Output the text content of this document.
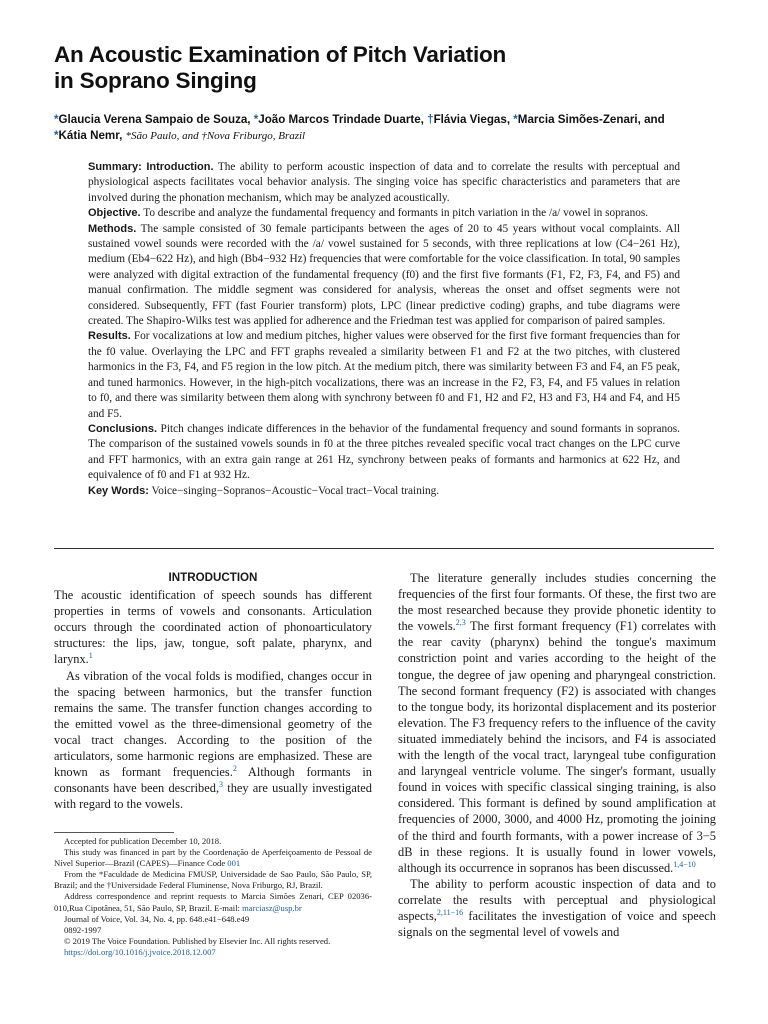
An Acoustic Examination of Pitch Variation
in Soprano Singing
*Glaucia Verena Sampaio de Souza, *João Marcos Trindade Duarte, †Flávia Viegas, *Marcia Simões-Zenari, and
*Kátia Nemr, *São Paulo, and †Nova Friburgo, Brazil

Summary: Introduction. The ability to perform acoustic inspection of data and to correlate the results with perceptual and physiological aspects facilitates vocal behavior analysis. The singing voice has specific characteristics and parameters that are involved during the phonation mechanism, which may be analyzed acoustically.

Objective. To describe and analyze the fundamental frequency and formants in pitch variation in the /a/ vowel in sopranos.

Methods. The sample consisted of 30 female participants between the ages of 20 to 45 years without vocal complaints. All sustained vowel sounds were recorded with the /a/ vowel sustained for 5 seconds, with three replications at low (C4−261 Hz), medium (Eb4−622 Hz), and high (Bb4−932 Hz) frequencies that were comfortable for the voice classification. In total, 90 samples were analyzed with digital extraction of the fundamental frequency (f0) and the first five formants (F1, F2, F3, F4, and F5) and manual confirmation. The middle segment was considered for analysis, whereas the onset and offset segments were not considered. Subsequently, FFT (fast Fourier transform) plots, LPC (linear predictive coding) graphs, and tube diagrams were created. The Shapiro-Wilks test was applied for adherence and the Friedman test was applied for comparison of paired samples.

Results. For vocalizations at low and medium pitches, higher values were observed for the first five formant frequencies than for the f0 value. Overlaying the LPC and FFT graphs revealed a similarity between F1 and F2 at the two pitches, with clustered harmonics in the F3, F4, and F5 region in the low pitch. At the medium pitch, there was similarity between F3 and F4, an F5 peak, and tuned harmonics. However, in the high-pitch vocalizations, there was an increase in the F2, F3, F4, and F5 values in relation to f0, and there was similarity between them along with synchrony between f0 and F1, H2 and F2, H3 and F3, H4 and F4, and H5 and F5.

Conclusions. Pitch changes indicate differences in the behavior of the fundamental frequency and sound formants in sopranos. The comparison of the sustained vowels sounds in f0 at the three pitches revealed specific vocal tract changes on the LPC curve and FFT harmonics, with an extra gain range at 261 Hz, synchrony between peaks of formants and harmonics at 622 Hz, and equivalence of f0 and F1 at 932 Hz.

Key Words: Voice−singing−Sopranos−Acoustic−Vocal tract−Vocal training.

INTRODUCTION

The acoustic identification of speech sounds has different properties in terms of vowels and consonants. Articulation occurs through the coordinated action of phonoarticulatory structures: the lips, jaw, tongue, soft palate, pharynx, and larynx.$^1$

As vibration of the vocal folds is modified, changes occur in the spacing between harmonics, but the transfer function remains the same. The transfer function changes according to the emitted vowel as the three-dimensional geometry of the vocal tract changes. According to the position of the articulators, some harmonic regions are emphasized. These are known as formant frequencies.$^2$ Although formants in consonants have been described,$^3$ they are usually investigated with regard to the vowels.

Accepted for publication December 10, 2018.

This study was financed in part by the Coordenação de Aperfeiçoamento de Pessoal de Nível Superior—Brazil (CAPES)—Finance Code 001

From the *Faculdade de Medicina FMUSP, Universidade de Sao Paulo, São Paulo, SP, Brazil; and the †Universidade Federal Fluminense, Nova Friburgo, RJ, Brazil.

Address correspondence and reprint requests to Marcia Simões Zenari, CEP 02036-010,Rua Cipotânea, 51, São Paulo, SP, Brazil. E-mail: marciasz@usp.br

Journal of Voice, Vol. 34, No. 4, pp. 648.e41−648.e49

0892-1997

© 2019 The Voice Foundation. Published by Elsevier Inc. All rights reserved.

https://doi.org/10.1016/j.jvoice.2018.12.007

The literature generally includes studies concerning the frequencies of the first four formants. Of these, the first two are the most researched because they provide phonetic identity to the vowels.$^{2,3}$ The first formant frequency (F1) correlates with the rear cavity (pharynx) behind the tongue's maximum constriction point and varies according to the height of the tongue, the degree of jaw opening and pharyngeal constriction. The second formant frequency (F2) is associated with changes to the tongue body, its horizontal displacement and its posterior elevation. The F3 frequency refers to the influence of the cavity situated immediately behind the incisors, and F4 is associated with the length of the vocal tract, laryngeal tube configuration and laryngeal ventricle volume. The singer's formant, usually found in voices with specific classical singing training, is also considered. This formant is defined by sound amplification at frequencies of 2000, 3000, and 4000 Hz, promoting the joining of the third and fourth formants, with a power increase of 3−5 dB in these regions. It is usually found in lower vowels, although its occurrence in sopranos has been discussed.$^{1,4-10}$

The ability to perform acoustic inspection of data and to correlate the results with perceptual and physiological aspects,$^{2,11-16}$ facilitates the investigation of voice and speech signals on the segmental level of vowels and
